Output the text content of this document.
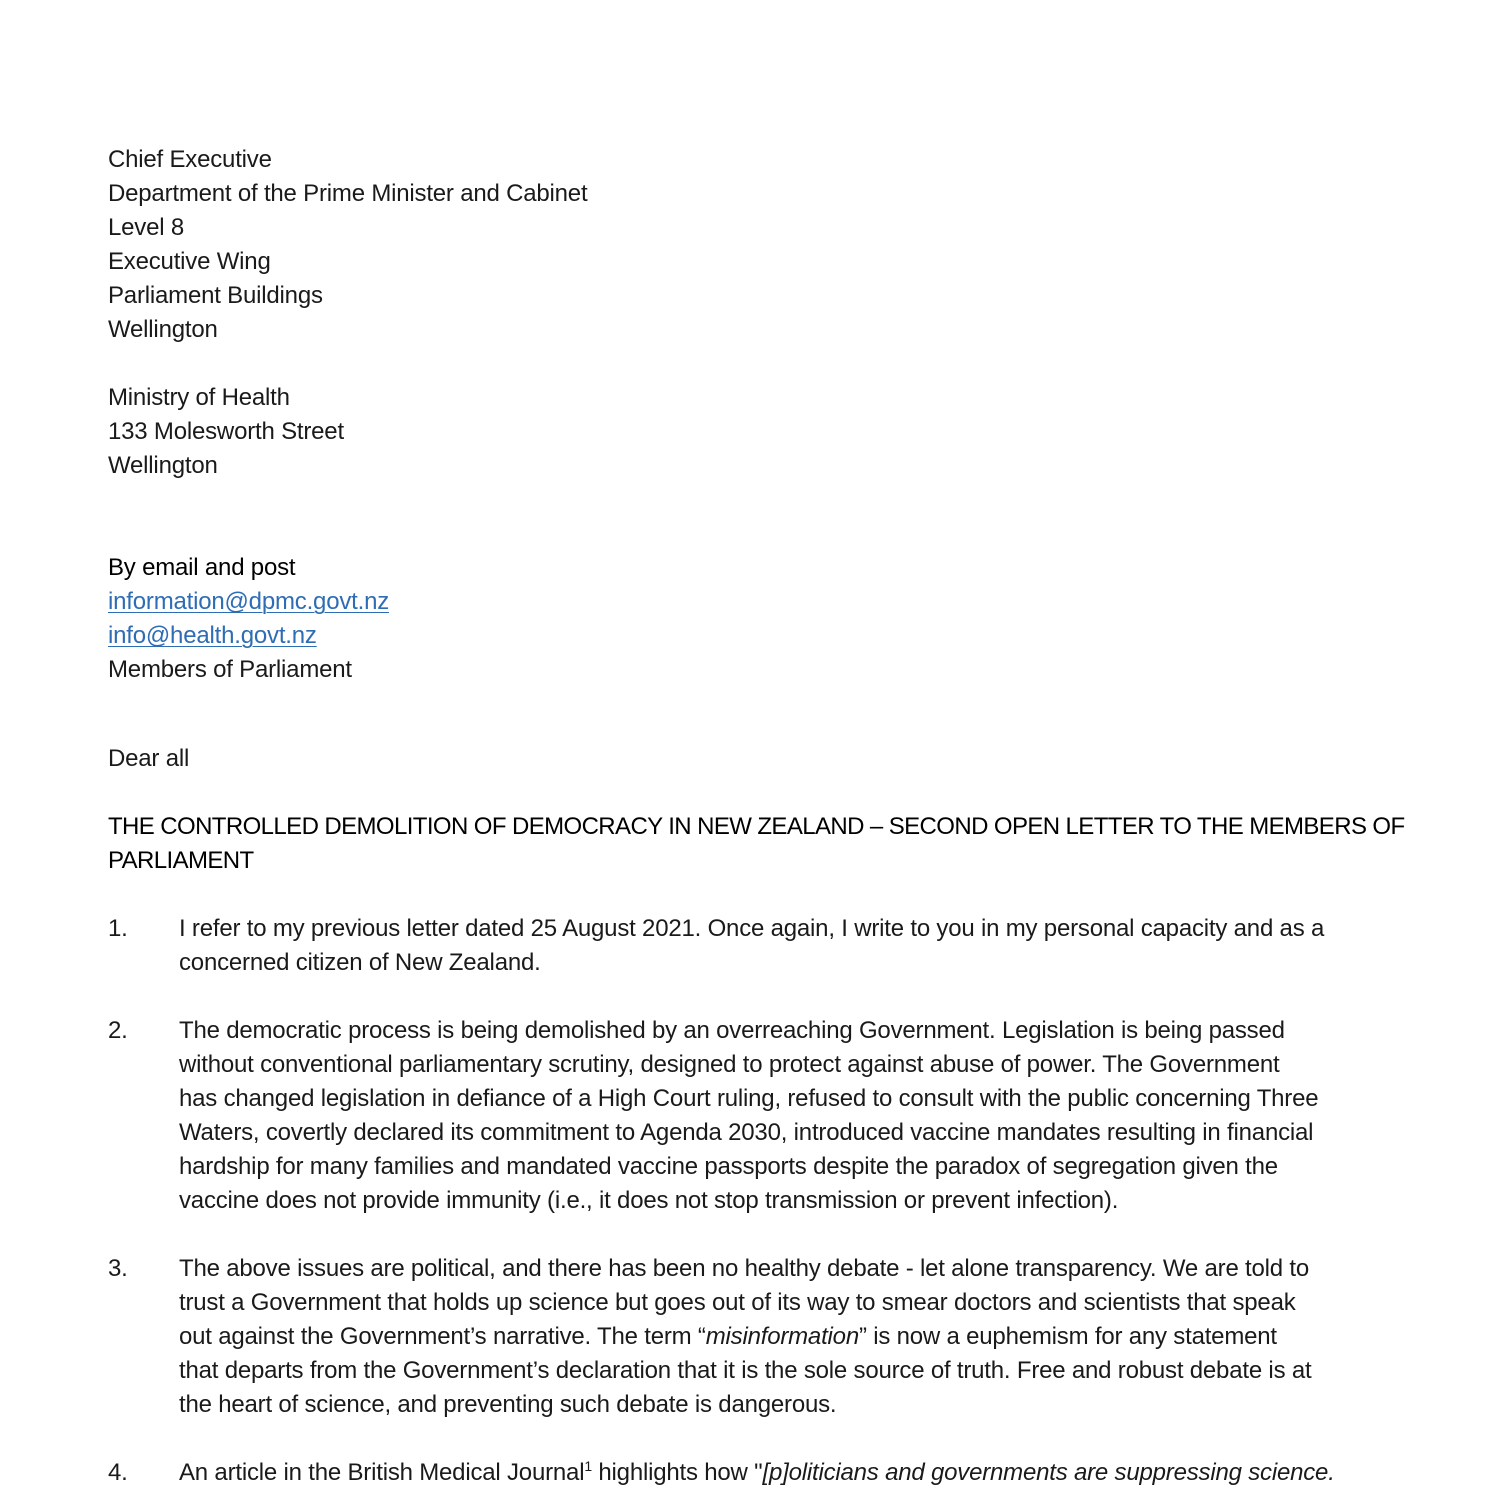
Chief Executive
Department of the Prime Minister and Cabinet
Level 8
Executive Wing
Parliament Buildings
Wellington
Ministry of Health
133 Molesworth Street
Wellington
By email and post
information@dpmc.govt.nz
info@health.govt.nz
Members of Parliament
Dear all
THE CONTROLLED DEMOLITION OF DEMOCRACY IN NEW ZEALAND – SECOND OPEN LETTER TO THE MEMBERS OF
PARLIAMENT
1. I refer to my previous letter dated 25 August 2021. Once again, I write to you in my personal capacity and as a
concerned citizen of New Zealand.
2. The democratic process is being demolished by an overreaching Government. Legislation is being passed
without conventional parliamentary scrutiny, designed to protect against abuse of power. The Government
has changed legislation in defiance of a High Court ruling, refused to consult with the public concerning Three
Waters, covertly declared its commitment to Agenda 2030, introduced vaccine mandates resulting in financial
hardship for many families and mandated vaccine passports despite the paradox of segregation given the
vaccine does not provide immunity (i.e., it does not stop transmission or prevent infection).
3. The above issues are political, and there has been no healthy debate - let alone transparency. We are told to
trust a Government that holds up science but goes out of its way to smear doctors and scientists that speak
out against the Government’s narrative. The term “misinformation” is now a euphemism for any statement
that departs from the Government’s declaration that it is the sole source of truth. Free and robust debate is at
the heart of science, and preventing such debate is dangerous.
4. An article in the British Medical Journal$^1$ highlights how "[p]oliticians and governments are suppressing science.
